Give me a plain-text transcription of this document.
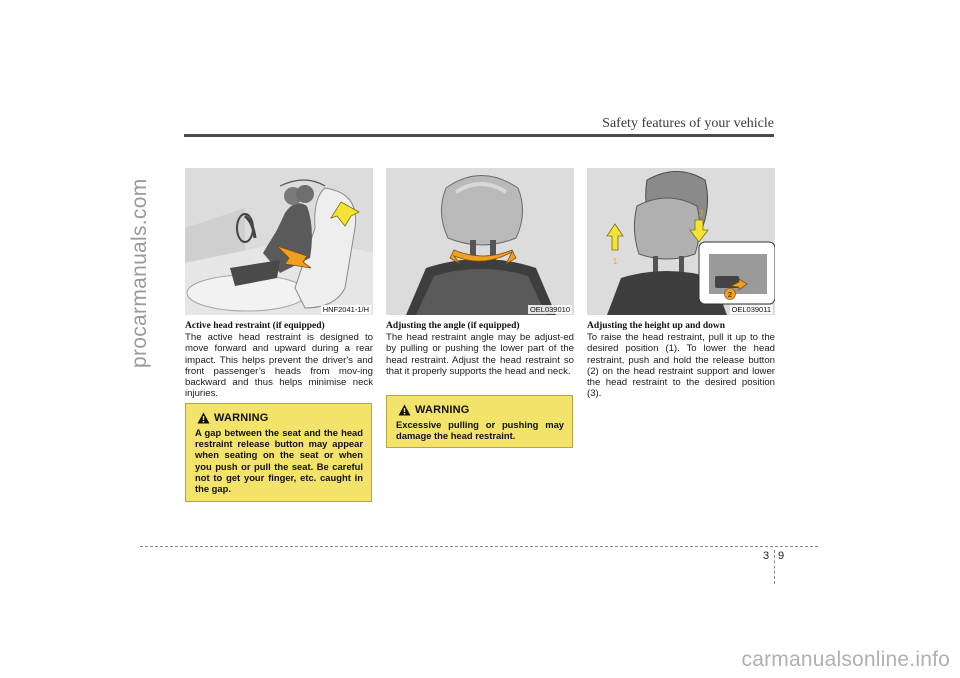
procarmanuals.com
Safety features of your vehicle
HNF2041-1/H
Active head restraint (if equipped)
The active head restraint is designed to move forward and upward during a rear impact. This helps prevent the driver's and front passenger’s heads from mov-ing backward and thus helps minimise neck injuries.
OEL039010
Adjusting the angle (if equipped)
The head restraint angle may be adjust-ed by pulling or pushing the lower part of the head restraint. Adjust the head restraint so that it properly supports the head and neck.
1
2
3
OEL039011
Adjusting the height up and down
To raise the head restraint, pull it up to the desired position (1). To lower the head restraint, push and hold the release button (2) on the head restraint support and lower the head restraint to the desired position (3).
WARNING
A gap between the seat and the head restraint release button may appear when seating on the seat or when you push or pull the seat. Be careful not to get your finger, etc. caught in the gap.
WARNING
Excessive pulling or pushing may damage the head restraint.
3 9
carmanualsonline.info
